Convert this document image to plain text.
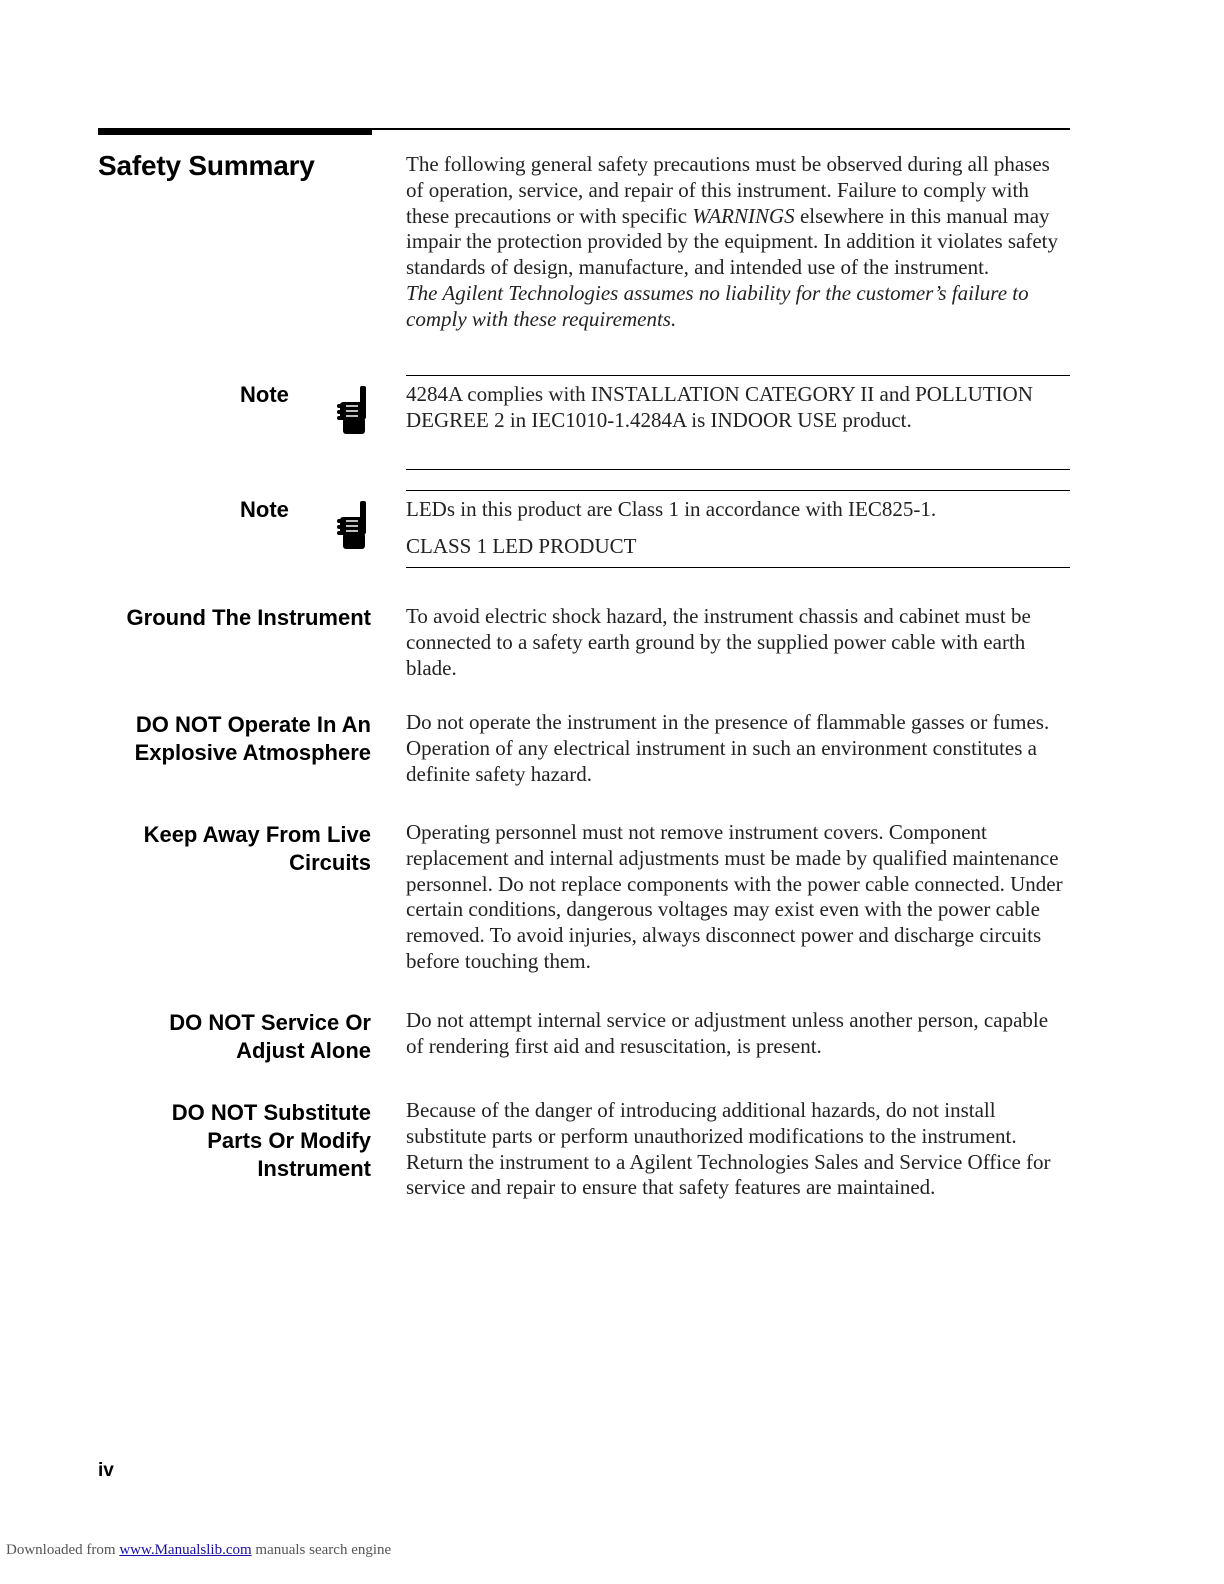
Safety Summary	The following general safety precautions must be observed during all phases of operation, service, and repair of this instrument. Failure to comply with these precautions or with specific WARNINGS elsewhere in this manual may impair the protection provided by the equipment. In addition it violates safety standards of design, manufacture, and intended use of the instrument.

The Agilent Technologies assumes no liability for the customer’s failure to comply with these requirements.

Note	4284A complies with INSTALLATION CATEGORY II and POLLUTION DEGREE 2 in IEC1010-1.4284A is INDOOR USE product.
Note	LEDs in this product are Class 1 in accordance with IEC825-1.
CLASS 1 LED PRODUCT
Ground The Instrument To avoid electric shock hazard, the instrument chassis and cabinet must be connected to a safety earth ground by the supplied power cable with earth blade.
DO NOT Operate In An
Explosive Atmosphere
Do not operate the instrument in the presence of flammable gasses or fumes. Operation of any electrical instrument in such an environment constitutes a definite safety hazard.
Keep Away From Live
Circuits
Operating personnel must not remove instrument covers. Component replacement and internal adjustments must be made by qualified maintenance personnel. Do not replace components with the power cable connected. Under certain conditions, dangerous voltages may exist even with the power cable removed. To avoid injuries, always disconnect power and discharge circuits before touching them.
DO NOT Service Or
Adjust Alone
Do not attempt internal service or adjustment unless another person, capable of rendering first aid and resuscitation, is present.
DO NOT Substitute
Parts Or Modify
Instrument
Because of the danger of introducing additional hazards, do not install substitute parts or perform unauthorized modifications to the instrument. Return the instrument to a Agilent Technologies Sales and Service Office for service and repair to ensure that safety features are maintained.
iv
Downloaded from www.Manualslib.com manuals search engine
